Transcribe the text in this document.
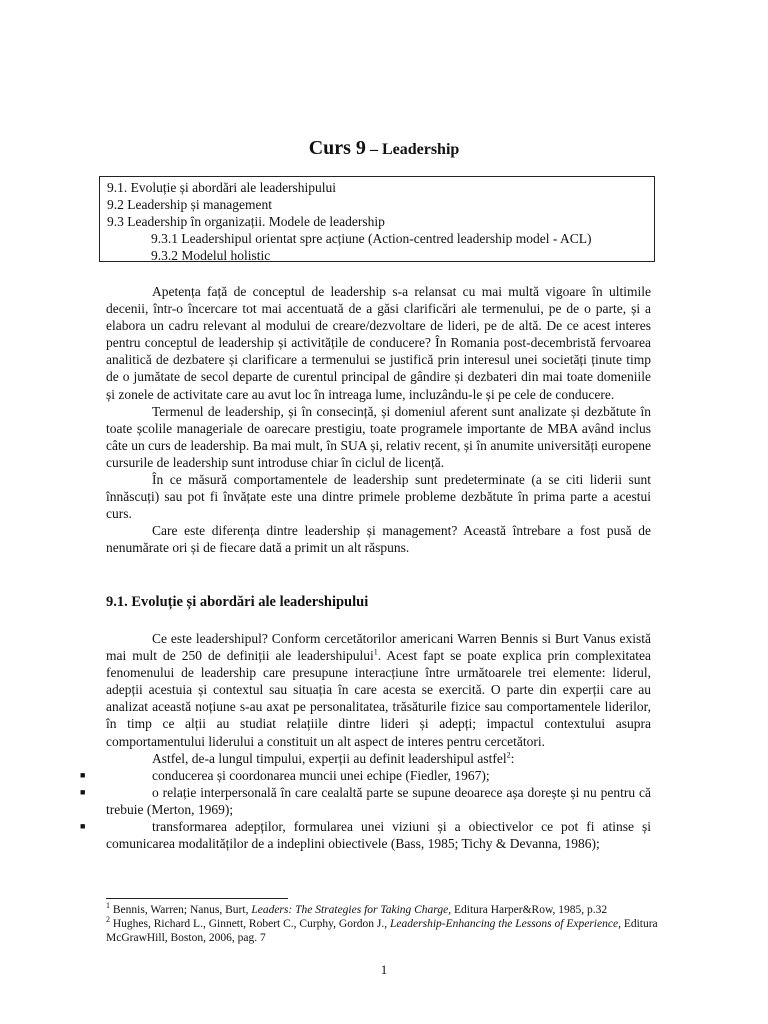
Curs 9 – Leadership
9.1. Evoluție și abordări ale leadershipului
9.2 Leadership și management
9.3 Leadership în organizații. Modele de leadership
9.3.1 Leadershipul orientat spre acțiune (Action-centred leadership model - ACL)
9.3.2 Modelul holistic

Apetența față de conceptul de leadership s-a relansat cu mai multă vigoare în ultimile decenii, într-o încercare tot mai accentuată de a găsi clarificări ale termenului, pe de o parte, și a elabora un cadru relevant al modului de creare/dezvoltare de lideri, pe de altă. De ce acest interes pentru conceptul de leadership și activitățile de conducere? În Romania post-decembristă fervoarea analitică de dezbatere și clarificare a termenului se justifică prin interesul unei societăți ținute timp de o jumătate de secol departe de curentul principal de gândire și dezbateri din mai toate domeniile și zonele de activitate care au avut loc în intreaga lume, incluzându-le și pe cele de conducere.

Termenul de leadership, și în consecință, și domeniul aferent sunt analizate și dezbătute în toate școlile manageriale de oarecare prestigiu, toate programele importante de MBA având inclus câte un curs de leadership. Ba mai mult, în SUA și, relativ recent, și în anumite universități europene cursurile de leadership sunt introduse chiar în ciclul de licență.

În ce măsură comportamentele de leadership sunt predeterminate (a se citi liderii sunt înnăscuți) sau pot fi învățate este una dintre primele probleme dezbătute în prima parte a acestui curs.

Care este diferența dintre leadership și management? Această întrebare a fost pusă de nenumărate ori și de fiecare dată a primit un alt răspuns.

9.1. Evoluție și abordări ale leadershipului

Ce este leadershipul? Conform cercetătorilor americani Warren Bennis si Burt Vanus există mai mult de 250 de definiții ale leadershipului$^1$. Acest fapt se poate explica prin complexitatea fenomenului de leadership care presupune interacțiune între următoarele trei elemente: liderul, adepții acestuia și contextul sau situația în care acesta se exercită. O parte din experții care au analizat această noțiune s-au axat pe personalitatea, trăsăturile fizice sau comportamentele liderilor, în timp ce alții au studiat relațiile dintre lideri și adepți; impactul contextului asupra comportamentului liderului a constituit un alt aspect de interes pentru cercetători.

Astfel, de-a lungul timpului, experții au definit leadershipul astfel$^2$:

■	conducerea și coordonarea muncii unei echipe (Fiedler, 1967);
■	o relație interpersonală în care cealaltă parte se supune deoarece așa dorește și nu pentru că trebuie (Merton, 1969);
■	transformarea adepților, formularea unei viziuni și a obiectivelor ce pot fi atinse și comunicarea modalităților de a indeplini obiectivele (Bass, 1985; Tichy & Devanna, 1986);

$^1$ Bennis, Warren; Nanus, Burt, Leaders: The Strategies for Taking Charge, Editura Harper&Row, 1985, p.32

$^2$ Hughes, Richard L., Ginnett, Robert C., Curphy, Gordon J., Leadership-Enhancing the Lessons of Experience, Editura McGrawHill, Boston, 2006, pag. 7

1
